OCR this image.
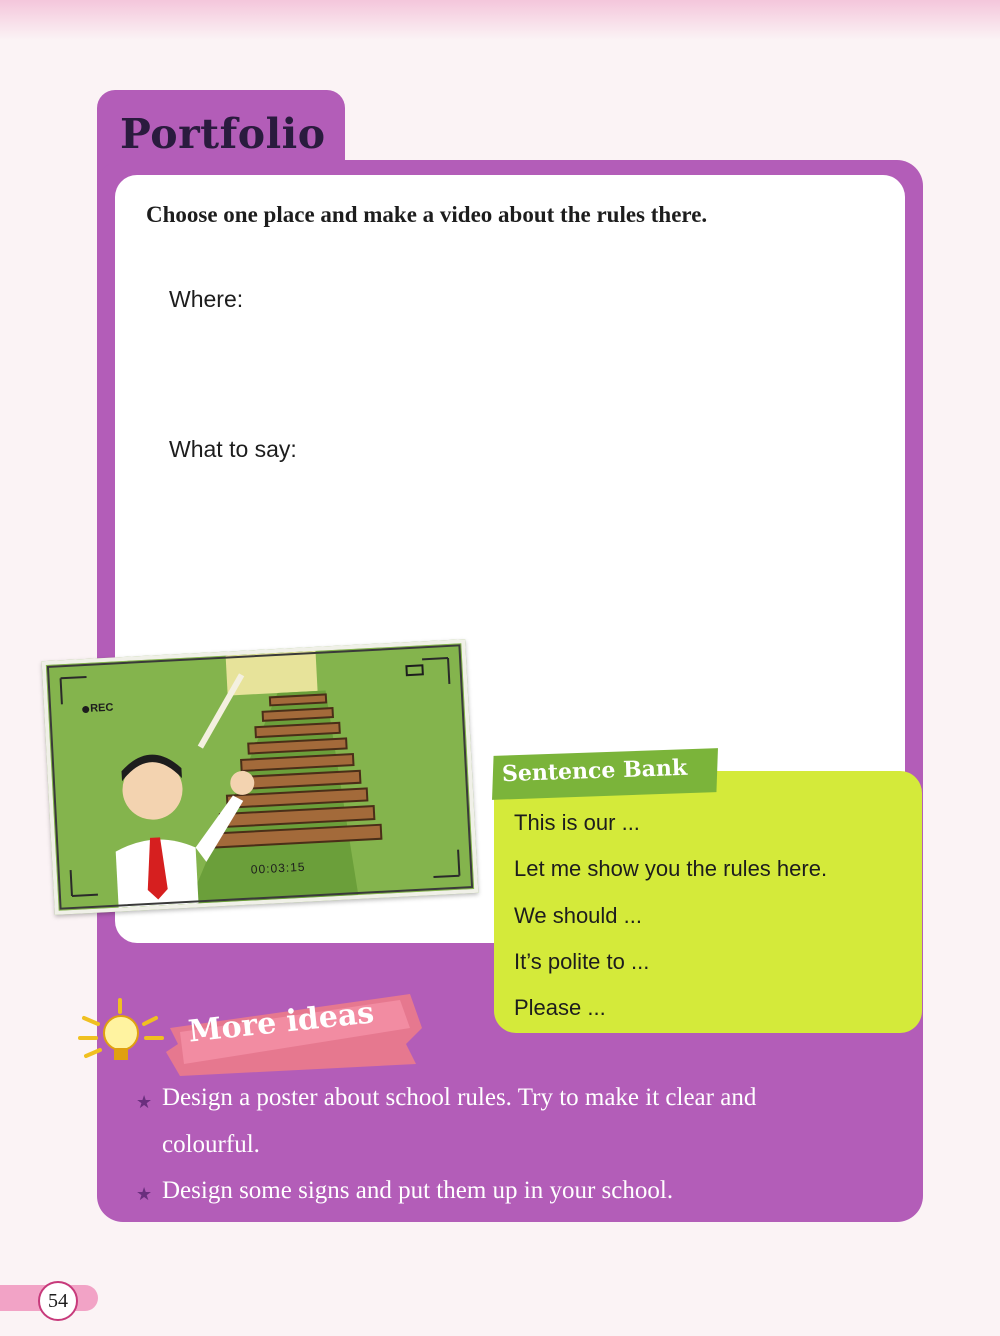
Portfolio
Choose one place and make a video about the rules there.
Where:
What to say:
REC
00:03:15
Sentence Bank
This is our ...
Let me show you the rules here.
We should ...
It’s polite to ...
Please ...
More ideas
★ Design a poster about school rules. Try to make it clear and
colourful.
★ Design some signs and put them up in your school.
54
